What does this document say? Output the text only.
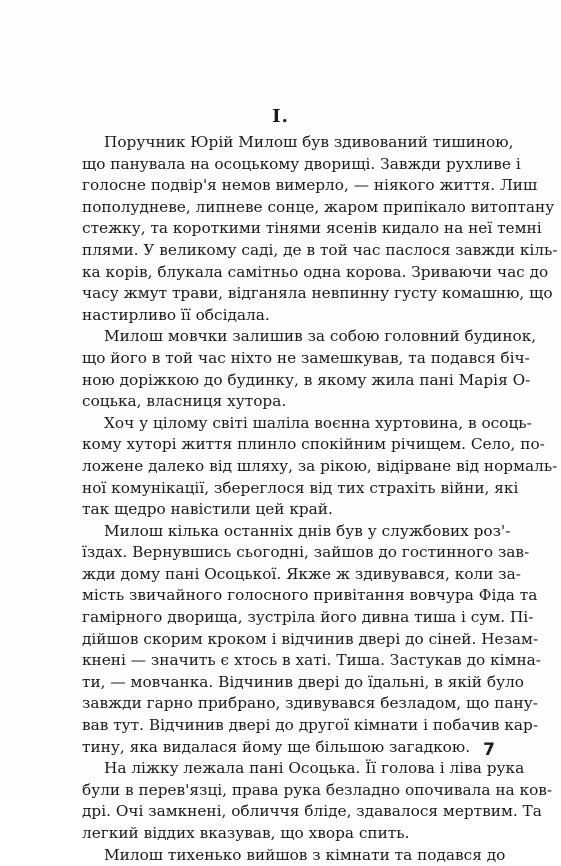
I.
Поручник Юрій Милош був здивований тишиною,
що панувала на осоцькому дворищі. Завжди рухливе і
голосне подвір'я немов вимерло, — ніякого життя. Лиш
пополудневе, липневе сонце, жаром припікало витоптану
стежку, та короткими тінями ясенів кидало на неї темні
плями. У великому саді, де в той час паслося завжди кіль-
ка корів, блукала самітньо одна корова. Зриваючи час до
часу жмут трави, відганяла невпинну густу комашню, що
настирливо її обсідала.
Милош мовчки залишив за собою головний будинок,
що його в той час ніхто не замешкував, та подався біч-
ною доріжкою до будинку, в якому жила пані Марія О-
соцька, власниця хутора.
Хоч у цілому світі шаліла воєнна хуртовина, в осоць-
кому хуторі життя плинло спокійним річищем. Село, по-
ложене далеко від шляху, за рікою, відірване від нормаль-
ної комунікації, збереглося від тих страхіть війни, які
так щедро навістили цей край.
Милош кілька останніх днів був у службових роз'-
їздах. Вернувшись сьогодні, зайшов до гостинного зав-
жди дому пані Осоцької. Якже ж здивувався, коли за-
мість звичайного голосного привітання вовчура Фіда та
гамірного дворища, зустріла його дивна тиша і сум. Пі-
дійшов скорим кроком і відчинив двері до сіней. Незам-
кнені — значить є хтось в хаті. Тиша. Застукав до кімна-
ти, — мовчанка. Відчинив двері до їдальні, в якій було
завжди гарно прибрано, здивувався безладом, що пану-
вав тут. Відчинив двері до другої кімнати і побачив кар-
тину, яка видалася йому ще більшою загадкою.
На ліжку лежала пані Осоцька. Її голова і ліва рука
були в перев'язці, права рука безладно опочивала на ков-
дрі. Очі замкнені, обличчя бліде, здавалося мертвим. Та
легкий віддих вказував, що хвора спить.
Милош тихенько вийшов з кімнати та подався до
7
